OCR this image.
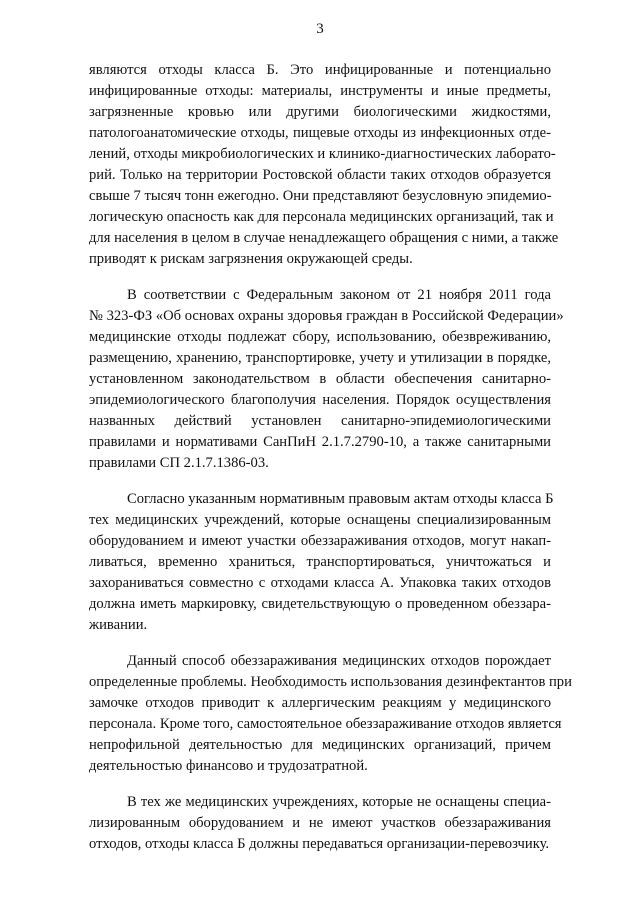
3

являются отходы класса Б. Это инфицированные и потенциально
инфицированные отходы: материалы, инструменты и иные предметы,
загрязненные кровью или другими биологическими жидкостями,
патологоанатомические отходы, пищевые отходы из инфекционных отде-
лений, отходы микробиологических и клинико-диагностических лаборато-
рий. Только на территории Ростовской области таких отходов образуется
свыше 7 тысяч тонн ежегодно. Они представляют безусловную эпидемио-
логическую опасность как для персонала медицинских организаций, так и
для населения в целом в случае ненадлежащего обращения с ними, а также
приводят к рискам загрязнения окружающей среды.

В соответствии с Федеральным законом от 21 ноября 2011 года
№ 323-ФЗ «Об основах охраны здоровья граждан в Российской Федерации»
медицинские отходы подлежат сбору, использованию, обезвреживанию,
размещению, хранению, транспортировке, учету и утилизации в порядке,
установленном законодательством в области обеспечения санитарно-
эпидемиологического благополучия населения. Порядок осуществления
названных действий установлен санитарно-эпидемиологическими
правилами и нормативами СанПиН 2.1.7.2790-10, а также санитарными
правилами СП 2.1.7.1386-03.

Согласно указанным нормативным правовым актам отходы класса Б
тех медицинских учреждений, которые оснащены специализированным
оборудованием и имеют участки обеззараживания отходов, могут накап-
ливаться, временно храниться, транспортироваться, уничтожаться и
захораниваться совместно с отходами класса А. Упаковка таких отходов
должна иметь маркировку, свидетельствующую о проведенном обеззара-
живании.

Данный способ обеззараживания медицинских отходов порождает
определенные проблемы. Необходимость использования дезинфектантов при
замочке отходов приводит к аллергическим реакциям у медицинского
персонала. Кроме того, самостоятельное обеззараживание отходов является
непрофильной деятельностью для медицинских организаций, причем
деятельностью финансово и трудозатратной.

В тех же медицинских учреждениях, которые не оснащены специа-
лизированным оборудованием и не имеют участков обеззараживания
отходов, отходы класса Б должны передаваться организации-перевозчику.
